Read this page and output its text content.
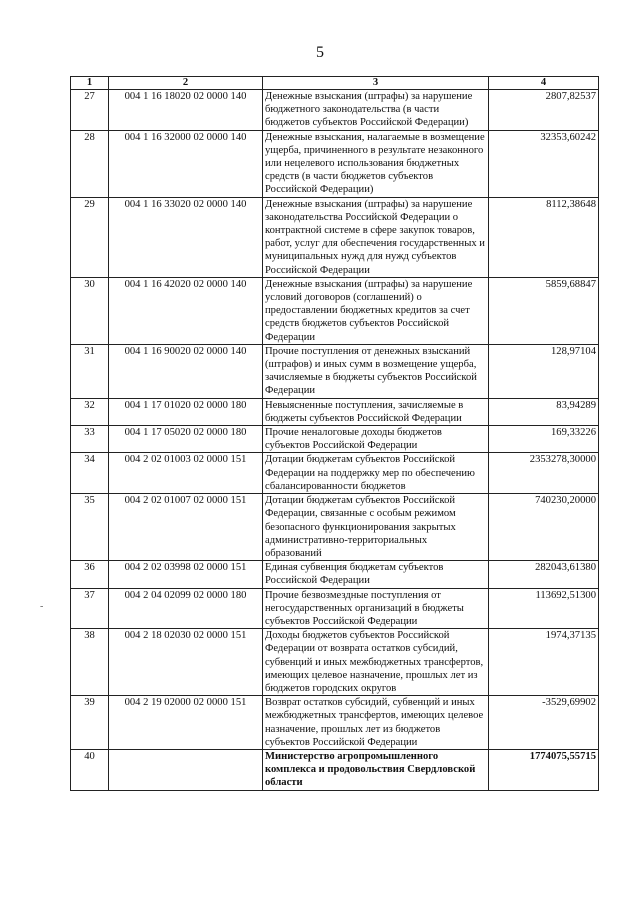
5
-
1	2	3	4
27	004 1 16 18020 02 0000 140	Денежные взыскания (штрафы) за нарушение бюджетного законодательства (в части бюджетов субъектов Российской Федерации)	2807,82537
28	004 1 16 32000 02 0000 140	Денежные взыскания, налагаемые в возмещение ущерба, причиненного в результате незаконного или нецелевого использования бюджетных средств (в части бюджетов субъектов Российской Федерации)	32353,60242
29	004 1 16 33020 02 0000 140	Денежные взыскания (штрафы) за нарушение законодательства Российской Федерации о контрактной системе в сфере закупок товаров, работ, услуг для обеспечения государственных и муниципальных нужд для нужд субъектов Российской Федерации	8112,38648
30	004 1 16 42020 02 0000 140	Денежные взыскания (штрафы) за нарушение условий договоров (соглашений) о предоставлении бюджетных кредитов за счет средств бюджетов субъектов Российской Федерации	5859,68847
31	004 1 16 90020 02 0000 140	Прочие поступления от денежных взысканий (штрафов) и иных сумм в возмещение ущерба, зачисляемые в бюджеты субъектов Российской Федерации	128,97104
32	004 1 17 01020 02 0000 180	Невыясненные поступления, зачисляемые в бюджеты субъектов Российской Федерации	83,94289
33	004 1 17 05020 02 0000 180	Прочие неналоговые доходы бюджетов субъектов Российской Федерации	169,33226
34	004 2 02 01003 02 0000 151	Дотации бюджетам субъектов Российской Федерации на поддержку мер по обеспечению сбалансированности бюджетов	2353278,30000
35	004 2 02 01007 02 0000 151	Дотации бюджетам субъектов Российской Федерации, связанные с особым режимом безопасного функционирования закрытых административно-территориальных образований	740230,20000
36	004 2 02 03998 02 0000 151	Единая субвенция бюджетам субъектов Российской Федерации	282043,61380
37	004 2 04 02099 02 0000 180	Прочие безвозмездные поступления от негосударственных организаций в бюджеты субъектов Российской Федерации	113692,51300
38	004 2 18 02030 02 0000 151	Доходы бюджетов субъектов Российской Федерации от возврата остатков субсидий, субвенций и иных межбюджетных трансфертов, имеющих целевое назначение, прошлых лет из бюджетов городских округов	1974,37135
39	004 2 19 02000 02 0000 151	Возврат остатков субсидий, субвенций и иных межбюджетных трансфертов, имеющих целевое назначение, прошлых лет из бюджетов субъектов Российской Федерации	-3529,69902
40		Министерство агропромышленного комплекса и продовольствия Свердловской области	1774075,55715
